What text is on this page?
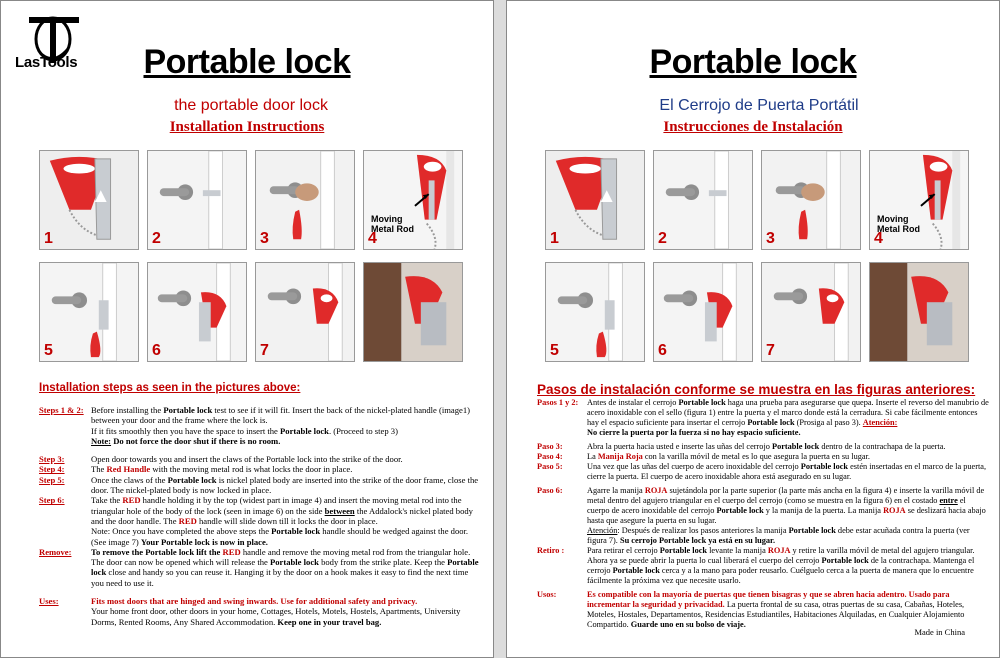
LasTools	Portable lock
the portable door lock
Installation Instructions
1	2	3
Moving Metal Rod
4
5	6	7
Installation steps as seen in the pictures above:
Steps 1 & 2: Before installing the Portable lock test to see if it will fit. Insert the back of the nickel-plated handle (image1) between your door and the frame where the lock is.
If it fits smoothly then you have the space to insert the Portable lock. (Proceed to step 3)
Note: Do not force the door shut if there is no room.
Step 3:	Open door towards you and insert the claws of the Portable lock into the strike of the door.
Step 4:	The Red Handle with the moving metal rod is what locks the door in place.
Step 5:	Once the claws of the Portable lock is nickel plated body are inserted into the strike of the door frame, close the door. The nickel-plated body is now locked in place.
Step 6:	Take the RED handle holding it by the top (widest part in image 4) and insert the moving metal rod into the triangular hole of the body of the lock (seen in image 6) on the side between the Addalock's nickel plated body and the door handle. The RED handle will slide down till it locks the door in place.
Note: Once you have completed the above steps the Portable lock handle should be wedged against the door. (See image 7) Your Portable lock is now in place.
Remove:	To remove the Portable lock lift the RED handle and remove the moving metal rod from the triangular hole. The door can now be opened which will release the Portable lock body from the strike plate. Keep the Portable lock close and handy so you can reuse it. Hanging it by the door on a hook makes it easy to find the next time you need to use it.
Uses:	Fits most doors that are hinged and swing inwards. Use for additional safety and privacy.
Your home front door, other doors in your home, Cottages, Hotels, Motels, Hostels, Apartments, University Dorms, Rented Rooms, Any Shared Accommodation. Keep one in your travel bag.
Portable lock
El Cerrojo de Puerta Portátil
Instrucciones de Instalación
1	2	3
Moving Metal Rod
4
5	6	7
Pasos de instalación conforme se muestra en las figuras anteriores:
Pasos 1 y 2:	Antes de instalar el cerrojo Portable lock haga una prueba para asegurarse que quepa. Inserte el reverso del manubrio de acero inoxidable con el sello (figura 1) entre la puerta y el marco donde está la cerradura. Si cabe fácilmente entonces hay el espacio suficiente para insertar el cerrojo Portable lock (Prosiga al paso 3). Atención:
No cierre la puerta por la fuerza si no hay espacio suficiente.
Paso 3:	Abra la puerta hacia usted e inserte las uñas del cerrojo Portable lock dentro de la contrachapa de la puerta.
Paso 4:	La Manija Roja con la varilla móvil de metal es lo que asegura la puerta en su lugar.
Paso 5:	Una vez que las uñas del cuerpo de acero inoxidable del cerrojo Portable lock estén insertadas en el marco de la puerta, cierre la puerta. El cuerpo de acero inoxidable ahora está asegurado en su lugar.
Paso 6:	Agarre la manija ROJA sujetándola por la parte superior (la parte más ancha en la figura 4) e inserte la varilla móvil de metal dentro del agujero triangular en el cuerpo del cerrojo (como se muestra en la figura 6) en el costado entre el cuerpo de acero inoxidable del cerrojo Portable lock y la manija de la puerta. La manija ROJA se deslizará hacia abajo hasta que asegure la puerta en su lugar.
Atención: Después de realizar los pasos anteriores la manija Portable lock debe estar acuñada contra la puerta (ver figura 7). Su cerrojo Portable lock ya está en su lugar.
Retiro :	Para retirar el cerrojo Portable lock levante la manija ROJA y retire la varilla móvil de metal del agujero triangular. Ahora ya se puede abrir la puerta lo cual liberará el cuerpo del cerrojo Portable lock de la contrachapa. Mantenga el cerrojo Portable lock cerca y a la mano para poder reusarlo. Cuélguelo cerca a la puerta de manera que lo encuentre fácilmente la próxima vez que necesite usarlo.
Usos:	Es compatible con la mayoría de puertas que tienen bisagras y que se abren hacia adentro. Usado para incrementar la seguridad y privacidad. La puerta frontal de su casa, otras puertas de su casa, Cabañas, Hoteles, Moteles, Hostales, Departamentos, Residencias Estudiantiles, Habitaciones Alquiladas, en Cualquier Alojamiento Compartido. Guarde uno en su bolso de viaje.
Made in China
